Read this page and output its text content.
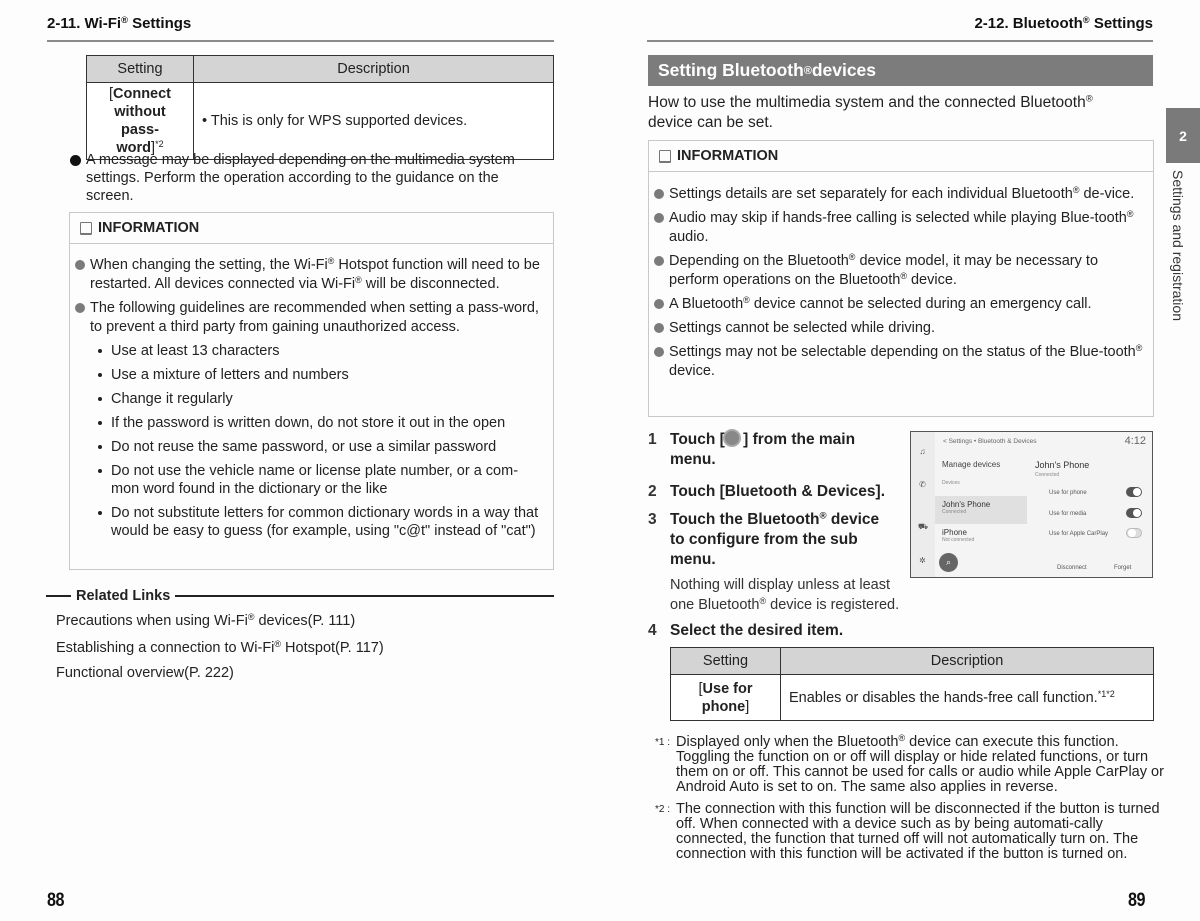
2-11. Wi-Fi® Settings
Setting	Description
[Connect
without pass-
word]$^{*2}$	• This is only for WPS supported devices.
A message may be displayed depending on the multimedia system settings. Perform the operation according to the guidance on the screen.
INFORMATION
When changing the setting, the Wi-Fi® Hotspot function will need to be restarted. All devices connected via Wi-Fi® will be disconnected.
The following guidelines are recommended when setting a pass-word, to prevent a third party from gaining unauthorized access.
Use at least 13 characters
Use a mixture of letters and numbers
Change it regularly
If the password is written down, do not store it out in the open
Do not reuse the same password, or use a similar password
Do not use the vehicle name or license plate number, or a com-mon word found in the dictionary or the like
Do not substitute letters for common dictionary words in a way that would be easy to guess (for example, using "c@t" instead of "cat")
Related Links
Precautions when using Wi-Fi® devices(P. 111)
Establishing a connection to Wi-Fi® Hotspot(P. 117)
Functional overview(P. 222)
88
2-12. Bluetooth® Settings
Setting Bluetooth ® devices
How to use the multimedia system and the connected Bluetooth®
device can be set.
2
Settings and registration
INFORMATION
Settings details are set separately for each individual Bluetooth® de-vice.
Audio may skip if hands-free calling is selected while playing Blue-tooth® audio.
Depending on the Bluetooth® device model, it may be necessary to perform operations on the Bluetooth® device.
A Bluetooth® device cannot be selected during an emergency call.
Settings cannot be selected while driving.
Settings may not be selectable depending on the status of the Blue-tooth® device.
1 Touch [ ] from the main menu.
2 Touch [Bluetooth & Devices].
3 Touch the Bluetooth® device to configure from the sub menu.
Nothing will display unless at least
one Bluetooth® device is registered.
4 Select the desired item.
♫
✆
⛟
✲
< Settings • Bluetooth & Devices	4:12
Manage devices
Devices
John's Phone
Connected
iPhone
Not connected
John's Phone
Connected
Use for phone
Use for media
Use for Apple CarPlay
⌕
Disconnect	Forget
Setting	Description
[Use for
phone]	Enables or disables the hands-free call function.$^{*1*2}$
*1 : Displayed only when the Bluetooth® device can execute this function. Toggling the function on or off will display or hide related functions, or turn them on or off. This cannot be used for calls or audio while Apple CarPlay or Android Auto is set to on. The same also applies in reverse.
*2 : The connection with this function will be disconnected if the button is turned off. When connected with a device such as by being automati-cally connected, the function that turned off will not automatically turn on. The connection with this function will be activated if the button is turned on.
89
